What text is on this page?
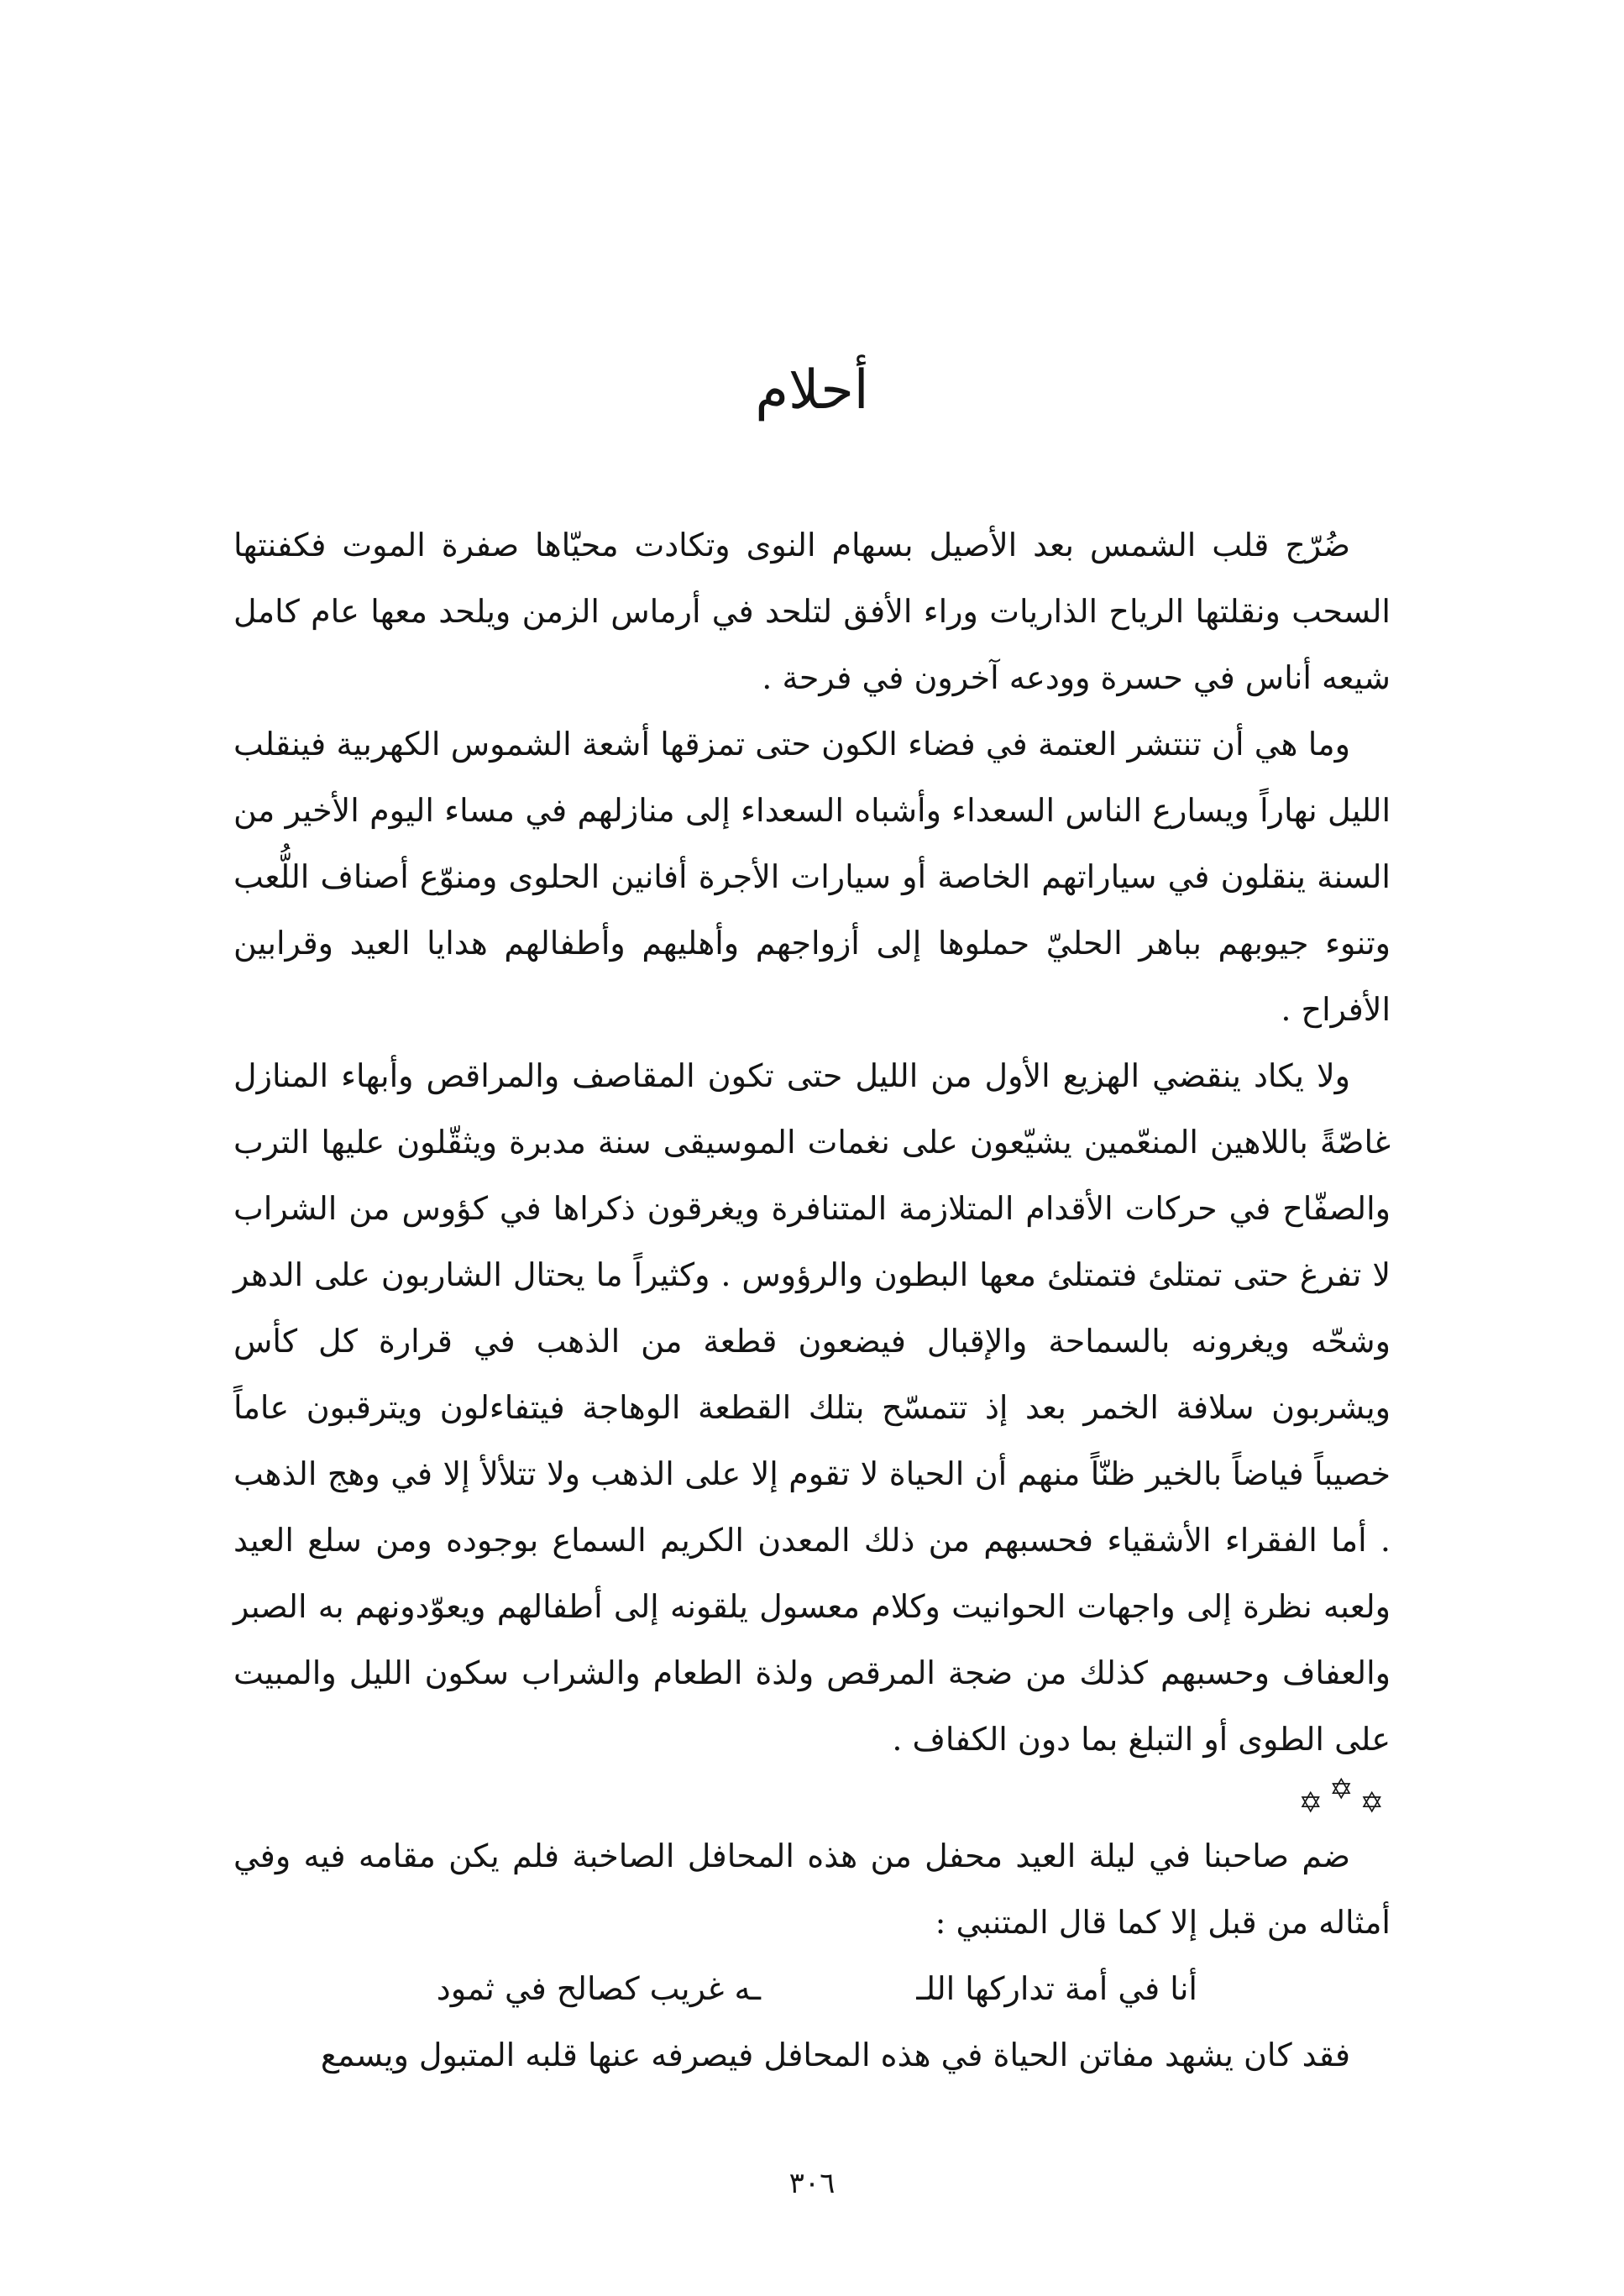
أحلام

ضُرّج قلب الشمس بعد الأصيل بسهام النوى وتكادت محيّاها صفرة الموت فكفنتها السحب ونقلتها الرياح الذاريات وراء الأفق لتلحد في أرماس الزمن ويلحد معها عام كامل شيعه أناس في حسرة وودعه آخرون في فرحة .

وما هي أن تنتشر العتمة في فضاء الكون حتى تمزقها أشعة الشموس الكهربية فينقلب الليل نهاراً ويسارع الناس السعداء وأشباه السعداء إلى منازلهم في مساء اليوم الأخير من السنة ينقلون في سياراتهم الخاصة أو سيارات الأجرة أفانين الحلوى ومنوّع أصناف اللُّعب وتنوء جيوبهم بباهر الحليّ حملوها إلى أزواجهم وأهليهم وأطفالهم هدايا العيد وقرابين الأفراح .

ولا يكاد ينقضي الهزيع الأول من الليل حتى تكون المقاصف والمراقص وأبهاء المنازل غاصّةً باللاهين المنعّمين يشيّعون على نغمات الموسيقى سنة مدبرة ويثقّلون عليها الترب والصفّاح في حركات الأقدام المتلازمة المتنافرة ويغرقون ذكراها في كؤوس من الشراب لا تفرغ حتى تمتلئ فتمتلئ معها البطون والرؤوس . وكثيراً ما يحتال الشاربون على الدهر وشحّه ويغرونه بالسماحة والإقبال فيضعون قطعة من الذهب في قرارة كل كأس ويشربون سلافة الخمر بعد إذ تتمسّح بتلك القطعة الوهاجة فيتفاءلون ويترقبون عاماً خصيباً فياضاً بالخير ظنّاً منهم أن الحياة لا تقوم إلا على الذهب ولا تتلألأ إلا في وهج الذهب . أما الفقراء الأشقياء فحسبهم من ذلك المعدن الكريم السماع بوجوده ومن سلع العيد ولعبه نظرة إلى واجهات الحوانيت وكلام معسول يلقونه إلى أطفالهم ويعوّدونهم به الصبر والعفاف وحسبهم كذلك من ضجة المرقص ولذة الطعام والشراب سكون الليل والمبيت على الطوى أو التبلغ بما دون الكفاف .

✡✡✡

ضم صاحبنا في ليلة العيد محفل من هذه المحافل الصاخبة فلم يكن مقامه فيه وفي أمثاله من قبل إلا كما قال المتنبي :

أنا في أمة تداركها اللـ
ـه غريب كصالح في ثمود

فقد كان يشهد مفاتن الحياة في هذه المحافل فيصرفه عنها قلبه المتبول ويسمع

٣٠٦
